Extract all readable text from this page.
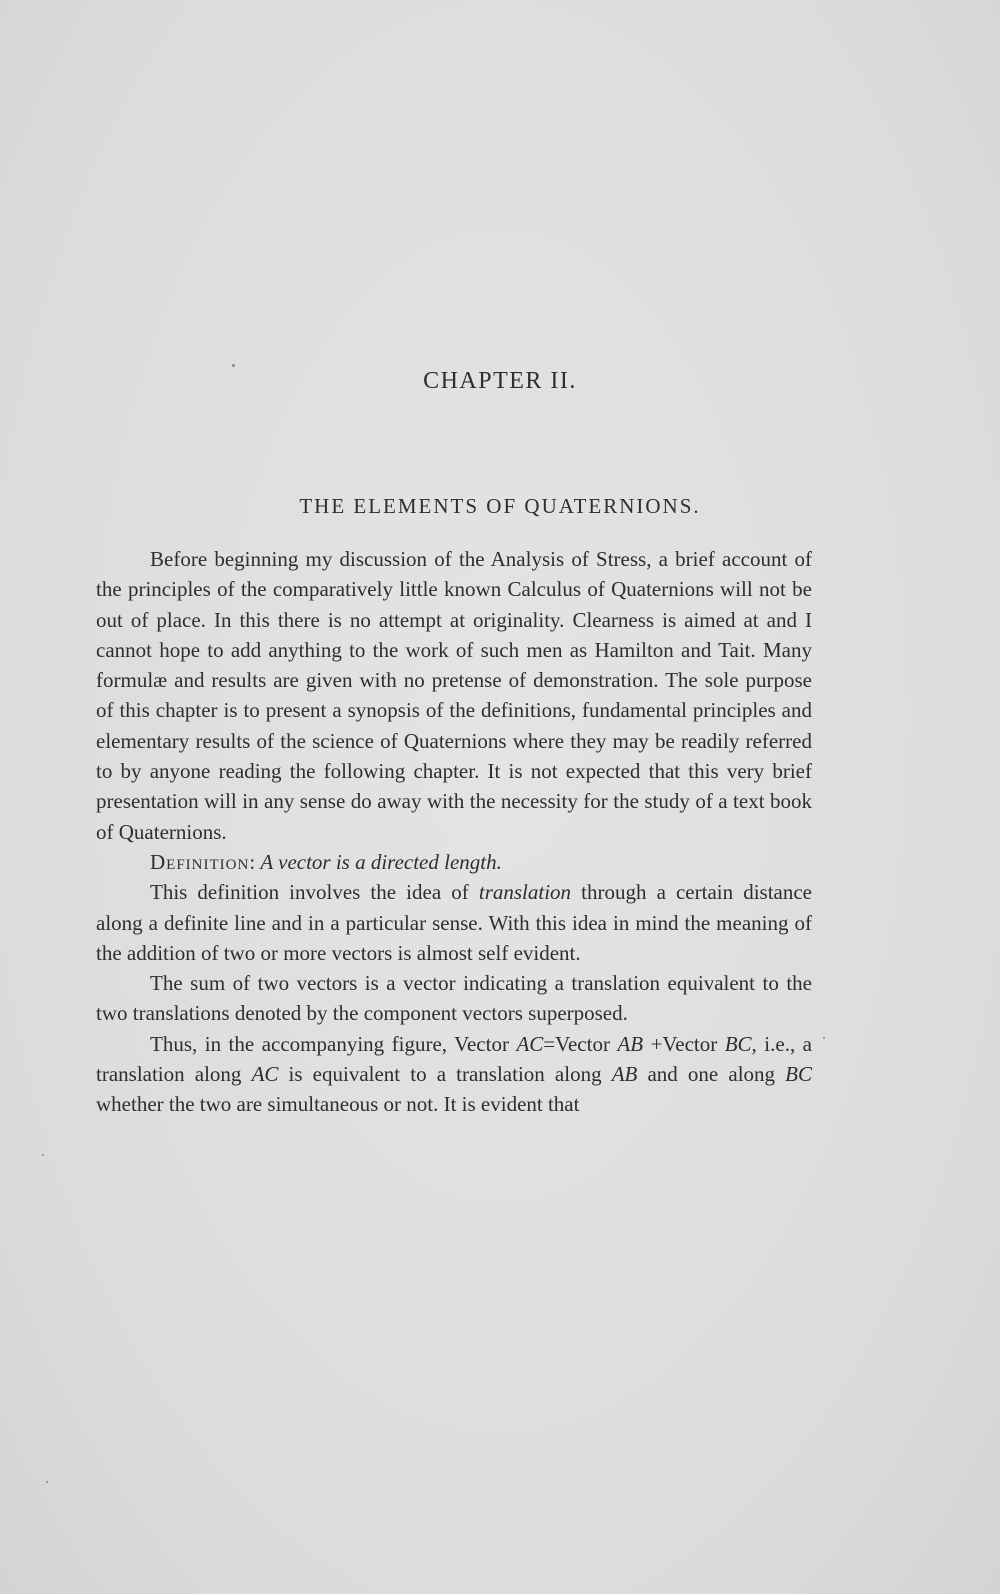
CHAPTER II.
THE ELEMENTS OF QUATERNIONS.

Before beginning my discussion of the Analysis of Stress, a brief account of the principles of the comparatively little known Calculus of Quaternions will not be out of place. In this there is no attempt at originality. Clearness is aimed at and I cannot hope to add anything to the work of such men as Hamilton and Tait. Many formulæ and results are given with no pretense of demonstration. The sole purpose of this chapter is to present a synopsis of the definitions, fundamental principles and elementary results of the science of Quaternions where they may be readily referred to by anyone reading the following chapter. It is not expected that this very brief presentation will in any sense do away with the necessity for the study of a text book of Quaternions.

Definition: A vector is a directed length.

This definition involves the idea of translation through a certain distance along a definite line and in a particular sense. With this idea in mind the meaning of the addition of two or more vectors is almost self evident.

The sum of two vectors is a vector indicating a translation equivalent to the two translations denoted by the component vectors superposed.

Thus, in the accompanying figure, Vector AC=Vector AB +Vector BC, i.e., a translation along AC is equivalent to a translation along AB and one along BC whether the two are simultaneous or not. It is evident that
